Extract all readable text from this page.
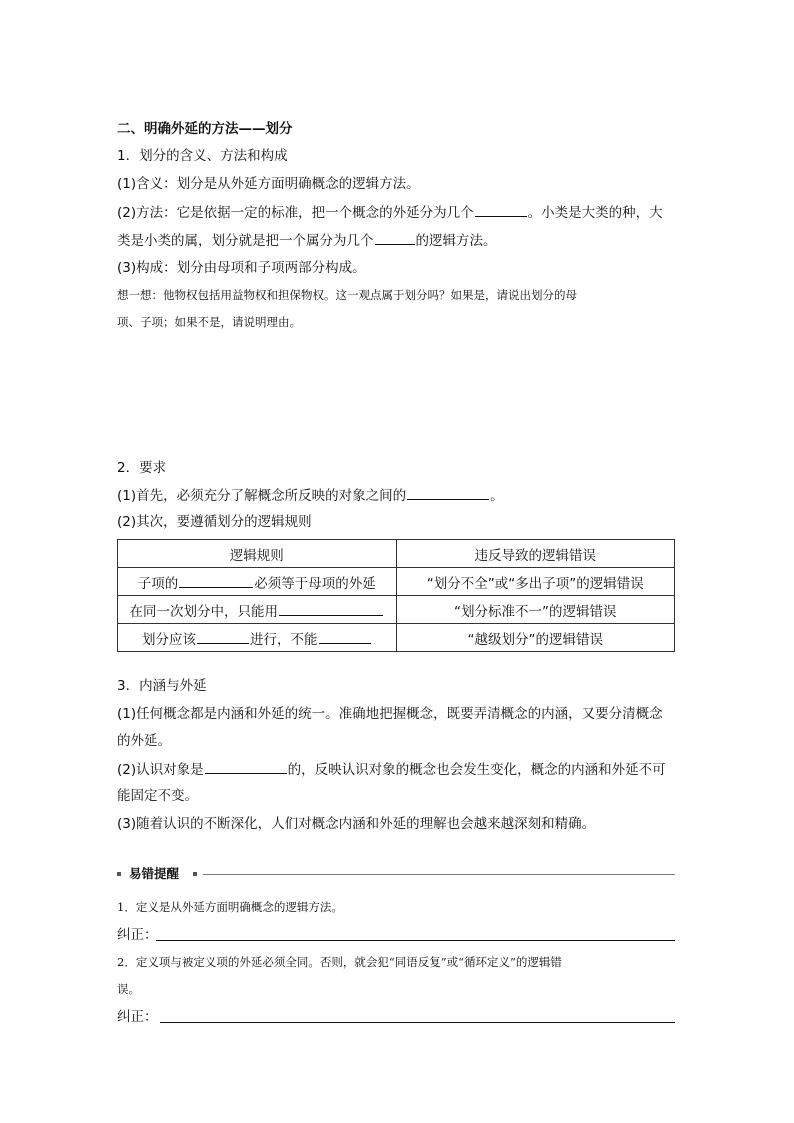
二、明确外延的方法——划分
1．划分的含义、方法和构成
(1)含义：划分是从外延方面明确概念的逻辑方法。
(2)方法：它是依据一定的标准，把一个概念的外延分为几个	。小类是大类的种，大
类是小类的属，划分就是把一个属分为几个	的逻辑方法。
(3)构成：划分由母项和子项两部分构成。
想一想：他物权包括用益物权和担保物权。这一观点属于划分吗？如果是，请说出划分的母
项、子项；如果不是，请说明理由。
2．要求
(1)首先，必须充分了解概念所反映的对象之间的	。
(2)其次，要遵循划分的逻辑规则
逻辑规则	违反导致的逻辑错误
子项的 必须等于母项的外延	“划分不全”或“多出子项”的逻辑错误
在同一次划分中，只能用	“划分标准不一”的逻辑错误
划分应该 进行，不能	“越级划分”的逻辑错误
3．内涵与外延
(1)任何概念都是内涵和外延的统一。准确地把握概念，既要弄清概念的内涵，又要分清概念
的外延。
(2)认识对象是	的，反映认识对象的概念也会发生变化，概念的内涵和外延不可
能固定不变。
(3)随着认识的不断深化，人们对概念内涵和外延的理解也会越来越深刻和精确。
易错提醒
1．定义是从外延方面明确概念的逻辑方法。
纠正：
2．定义项与被定义项的外延必须全同。否则，就会犯“同语反复”或“循环定义”的逻辑错
误。
纠正：
